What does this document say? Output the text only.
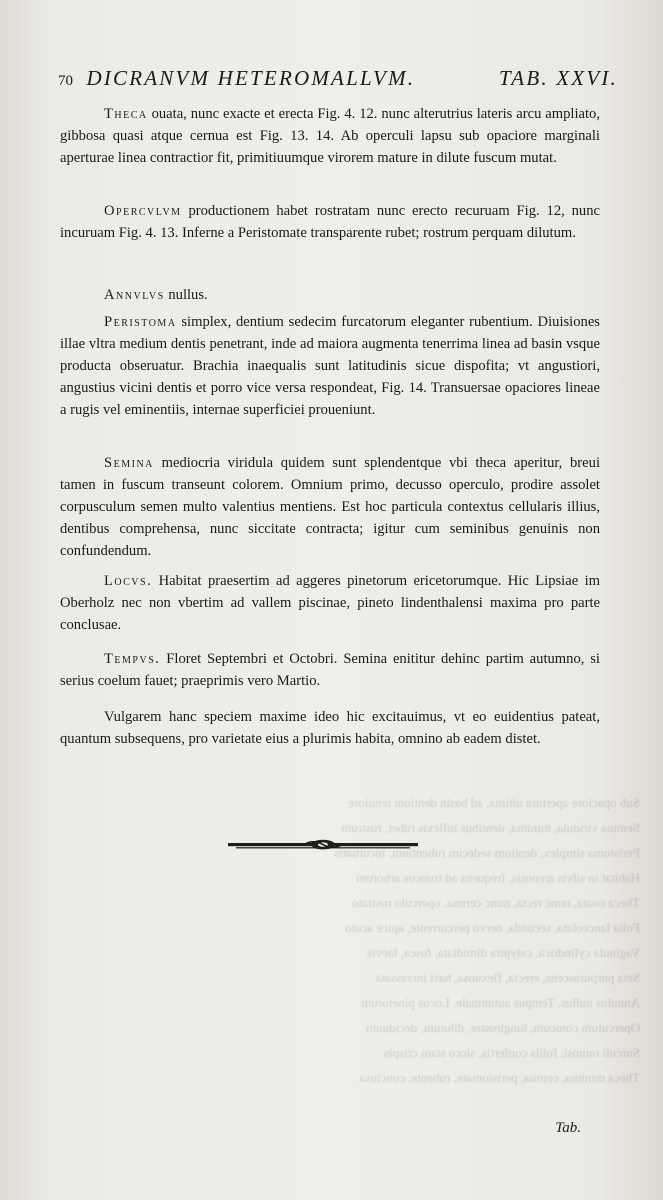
Sub opaciore apertura ultima, ad basin dentium tenuiore
Semina viridula, minima, dentibus inflexis rubet, rostrum
Peristoma simplex, dentium sedecim rubentium, incuruatis
Habitat in silvis arenosis, frequens ad truncos arborum
Theca ouata, nunc recta, nunc cernua, operculo rostrato
Folia lanceolata, secunda, nervo percurrente, apice acuto
Vaginula cylindrica, calyptra dimidiata, fusca, laevis
Seta purpurascens, erecta, flexuosa, basi incrassata
Annulus nullus. Tempus autumnale. Locus pinetorum
Operculum conicum, longirostre, dilutum, deciduum
Surculi ramosi, foliis confertis, sicco statu crispis
Theca minima, cernua, peristomate, rubente, conclusa
70 DICRANVM HETEROMALLVM.	TAB. XXVI.
Theca ouata, nunc exacte et erecta Fig. 4. 12. nunc alterutrius lateris arcu ampliato, gibbosa quasi atque cernua est Fig. 13. 14. Ab operculi lapsu sub opaciore marginali aperturae linea contractior fit, primitiuumque virorem mature in dilute fuscum mutat.
Opercvlvm productionem habet rostratam nunc erecto recuruam Fig. 12, nunc incuruam Fig. 4. 13. Inferne a Peristomate transparente rubet; rostrum perquam dilutum.
Annvlvs nullus.
Peristoma simplex, dentium sedecim furcatorum eleganter rubentium. Diuisiones illae vltra medium dentis penetrant, inde ad maiora augmenta tenerrima linea ad basin vsque producta obseruatur. Brachia inaequalis sunt latitudinis sicue dispofita; vt angustiori, angustius vicini dentis et porro vice versa respondeat, Fig. 14. Transuersae opaciores lineae a rugis vel eminentiis, internae superficiei proueniunt.
Semina mediocria viridula quidem sunt splendentque vbi theca aperitur, breui tamen in fuscum transeunt colorem. Omnium primo, decusso operculo, prodire assolet corpusculum semen multo valentius mentiens. Est hoc particula contextus cellularis illius, dentibus comprehensa, nunc siccitate contracta; igitur cum seminibus genuinis non confundendum.
Locvs. Habitat praesertim ad aggeres pinetorum ericetorumque. Hic Lipsiae im Oberholz nec non vbertim ad vallem piscinae, pineto lindenthalensi maxima pro parte conclusae.
Tempvs. Floret Septembri et Octobri. Semina enititur dehinc partim autumno, si serius coelum fauet; praeprimis vero Martio.
Vulgarem hanc speciem maxime ideo hic excitauimus, vt eo euidentius pateat, quantum subsequens, pro varietate eius a plurimis habita, omnino ab eadem distet.
Tab.
